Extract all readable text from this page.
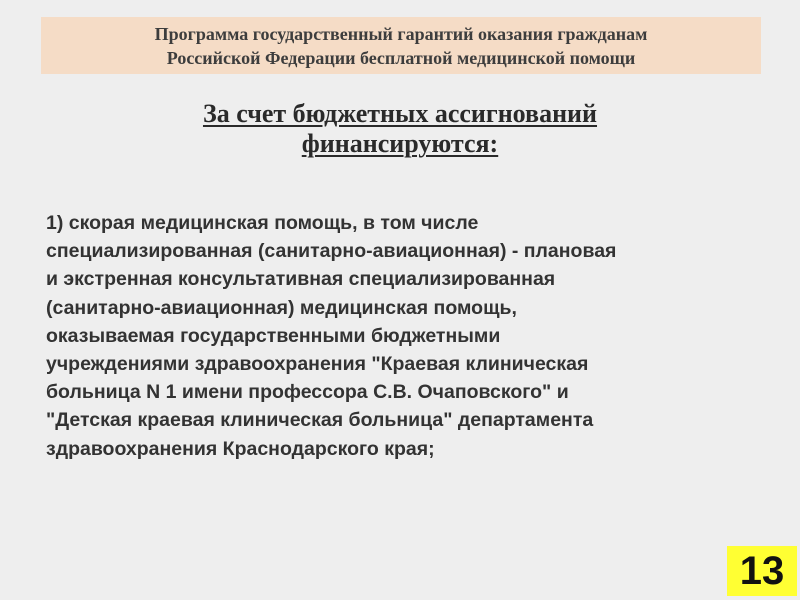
Программа государственный гарантий оказания гражданам
Российской Федерации бесплатной медицинской помощи
За счет бюджетных ассигнований
финансируются:
1) скорая медицинская помощь, в том числе
специализированная (санитарно-авиационная) - плановая
и экстренная консультативная специализированная
(санитарно-авиационная) медицинская помощь,
оказываемая государственными бюджетными
учреждениями здравоохранения "Краевая клиническая
больница N 1 имени профессора С.В. Очаповского" и
"Детская краевая клиническая больница" департамента
здравоохранения Краснодарского края;
13
